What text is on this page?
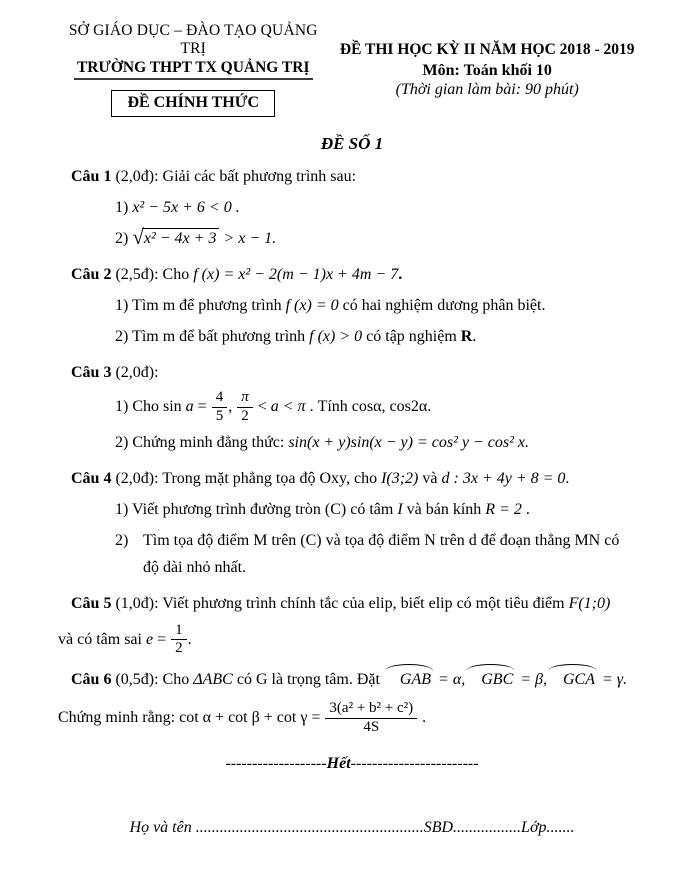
SỞ GIÁO DỤC – ĐÀO TẠO QUẢNG TRỊ
TRƯỜNG THPT TX QUẢNG TRỊ
ĐỀ CHÍNH THỨC
ĐỀ THI HỌC KỲ II NĂM HỌC 2018 - 2019
Môn: Toán khối 10
(Thời gian làm bài: 90 phút)
ĐỀ SỐ 1
Câu 1 (2,0đ): Giải các bất phương trình sau:
1) x² − 5x + 6 < 0 .
2) √x² − 4x + 3 > x − 1.
Câu 2 (2,5đ): Cho f (x) = x² − 2(m − 1)x + 4m − 7.
1) Tìm m để phương trình f (x) = 0 có hai nghiệm dương phân biệt.
2) Tìm m để bất phương trình f (x) > 0 có tập nghiệm R.
Câu 3 (2,0đ):
1) Cho $\sin a = \frac{4}{5}$ , $\frac{\pi}{2} < a < \pi$ . Tính cosα, cos2α.
2) Chứng minh đẳng thức: sin(x + y)sin(x − y) = cos² y − cos² x.
Câu 4 (2,0đ): Trong mặt phẳng tọa độ Oxy, cho I(3;2) và d : 3x + 4y + 8 = 0.
1) Viết phương trình đường tròn (C) có tâm I và bán kính R = 2 .
2) Tìm tọa độ điểm M trên (C) và tọa độ điểm N trên d để đoạn thẳng MN có
độ dài nhỏ nhất.
Câu 5 (1,0đ): Viết phương trình chính tắc của elip, biết elip có một tiêu điểm F(1;0)
và có tâm sai $e = \frac{1}{2}$ .
Câu 6 (0,5đ): Cho ΔABC có G là trọng tâm. Đặt GAB = α, GBC = β, GCA = γ.
Chứng minh rằng: $\cot \alpha + \cot \beta + \cot \gamma = \frac{\text{3(a² + b² + c²)}}{4S}$ .
-------------------Hết------------------------
Họ và tên .........................................................SBD.................Lớp.......
